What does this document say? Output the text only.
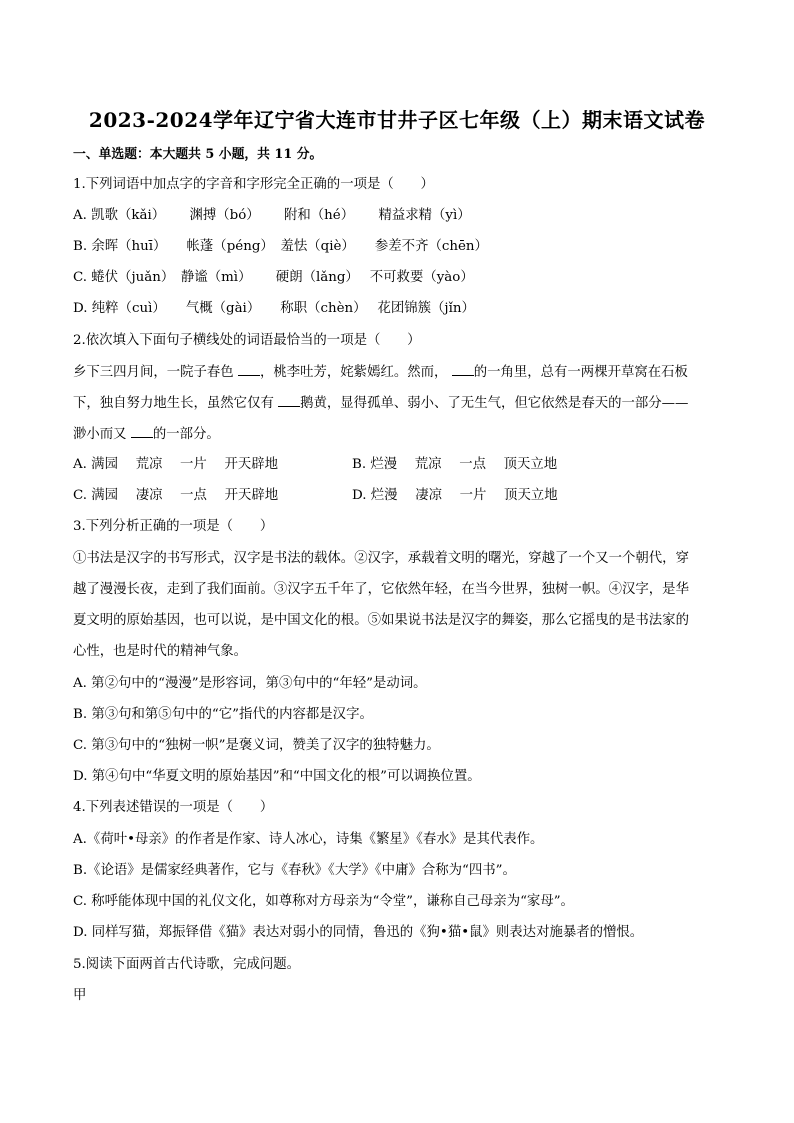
2023-2024学年辽宁省大连市甘井子区七年级（上）期末语文试卷
一、单选题：本大题共 5 小题，共 11 分。
1.下列词语中加点字的字音和字形完全正确的一项是（　　）
A. 凯歌（kǎi）　　 渊搏（bó）　　 附和（hé）　　 精益求精（yì）
B. 余晖（huī）　　帐蓬（péng）　羞怯（qiè）　　参差不齐（chēn）
C. 蜷伏（juǎn）　静谧（mì）　　 硬朗（lǎng）　 不可救要（yào）
D. 纯粹（cuì）　　气概（gài）　　称职（chèn）　 花团锦簇（jǐn）
2.依次填入下面句子横线处的词语最恰当的一项是（　　）
乡下三四月间，一院子春色 ，桃李吐芳，姹紫嫣红。然而， 的一角里，总有一两棵开草窝在石板
下，独自努力地生长，虽然它仅有 鹅黄，显得孤单、弱小、了无生气，但它依然是春天的一部分——
渺小而又 的一部分。
A. 满园　 荒凉　 一片　 开天辟地	B. 烂漫　 荒凉　 一点　 顶天立地
C. 满园　 凄凉　 一点　 开天辟地	D. 烂漫　 凄凉　 一片　 顶天立地
3.下列分析正确的一项是（　　）
①书法是汉字的书写形式，汉字是书法的载体。②汉字，承载着文明的曙光，穿越了一个又一个朝代，穿
越了漫漫长夜，走到了我们面前。③汉字五千年了，它依然年轻，在当今世界，独树一帜。④汉字，是华
夏文明的原始基因，也可以说，是中国文化的根。⑤如果说书法是汉字的舞姿，那么它摇曳的是书法家的
心性，也是时代的精神气象。
A. 第②句中的“漫漫”是形容词，第③句中的“年轻”是动词。
B. 第③句和第⑤句中的“它”指代的内容都是汉字。
C. 第③句中的“独树一帜”是褒义词，赞美了汉字的独特魅力。
D. 第④句中“华夏文明的原始基因”和“中国文化的根”可以调换位置。
4.下列表述错误的一项是（　　）
A.《荷叶•母亲》的作者是作家、诗人冰心，诗集《繁星》《春水》是其代表作。
B.《论语》是儒家经典著作，它与《春秋》《大学》《中庸》合称为“四书”。
C. 称呼能体现中国的礼仪文化，如尊称对方母亲为“令堂”，谦称自己母亲为“家母”。
D. 同样写猫，郑振铎借《猫》表达对弱小的同情，鲁迅的《狗•猫•鼠》则表达对施暴者的憎恨。
5.阅读下面两首古代诗歌，完成问题。
甲
